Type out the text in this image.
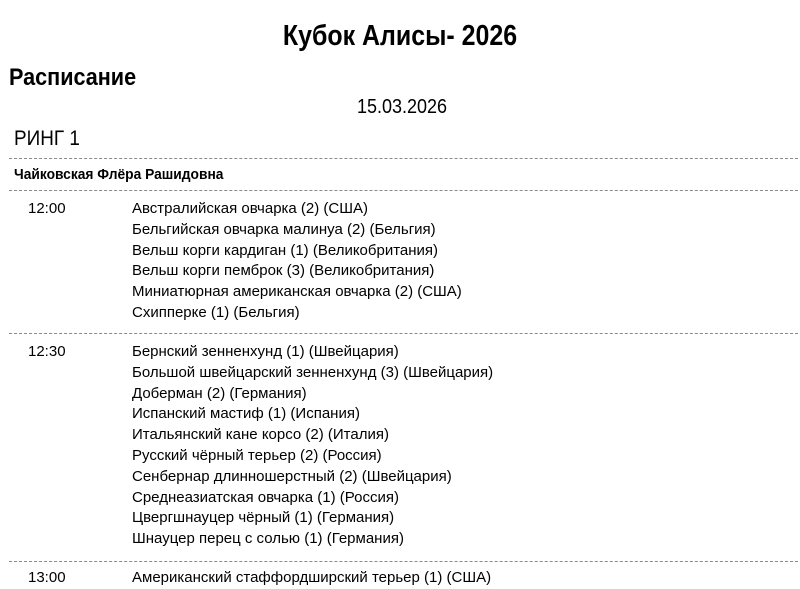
Кубок Алисы- 2026
Расписание
15.03.2026
РИНГ 1
Чайковская Флёра Рашидовна
12:00	Австралийская овчарка (2) (США)
Бельгийская овчарка малинуа (2) (Бельгия)
Вельш корги кардиган (1) (Великобритания)
Вельш корги пемброк (3) (Великобритания)
Миниатюрная американская овчарка (2) (США)
Схипперке (1) (Бельгия)
12:30	Бернский зенненхунд (1) (Швейцария)
Большой швейцарский зенненхунд (3) (Швейцария)
Доберман (2) (Германия)
Испанский мастиф (1) (Испания)
Итальянский кане корсо (2) (Италия)
Русский чёрный терьер (2) (Россия)
Сенбернар длинношерстный (2) (Швейцария)
Среднеазиатская овчарка (1) (Россия)
Цвергшнауцер чёрный (1) (Германия)
Шнауцер перец с солью (1) (Германия)
13:00	Американский стаффордширский терьер (1) (США)
